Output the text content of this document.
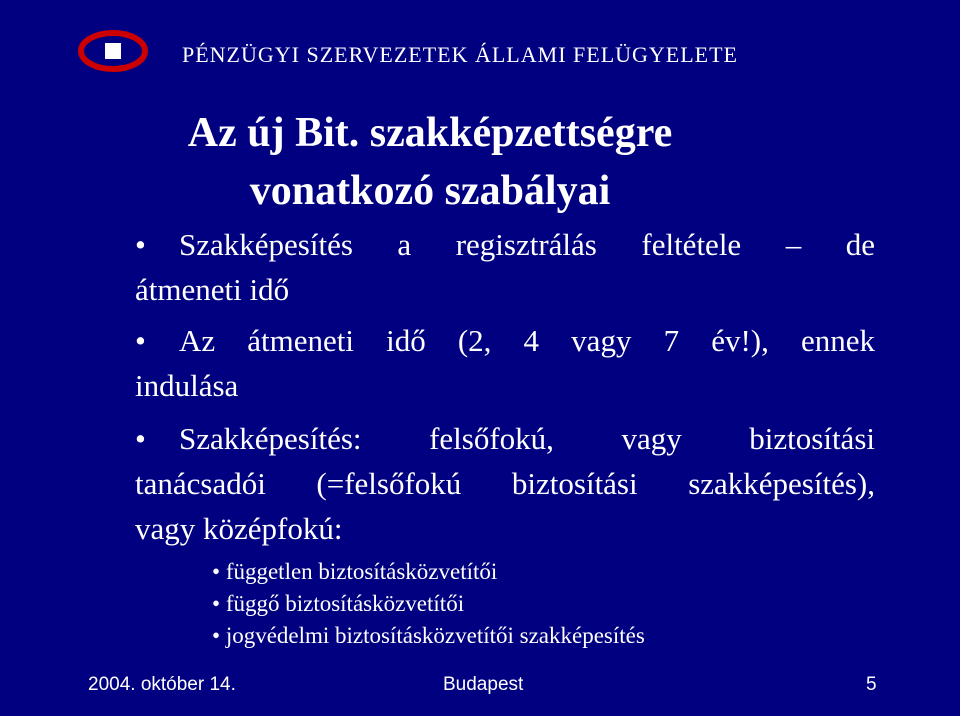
PÉNZÜGYI SZERVEZETEK ÁLLAMI FELÜGYELETE
Az új Bit. szakképzettségre
vonatkozó szabályai
•	Szakképesítés a regisztrálás feltétele – de
átmeneti idő
•	Az átmeneti idő (2, 4 vagy 7 év!), ennek
indulása
•	Szakképesítés: felsőfokú, vagy biztosítási
tanácsadói (=felsőfokú biztosítási szakképesítés),
vagy középfokú:
• független biztosításközvetítői
• függő biztosításközvetítői
• jogvédelmi biztosításközvetítői szakképesítés
2004. október 14.	Budapest	5
